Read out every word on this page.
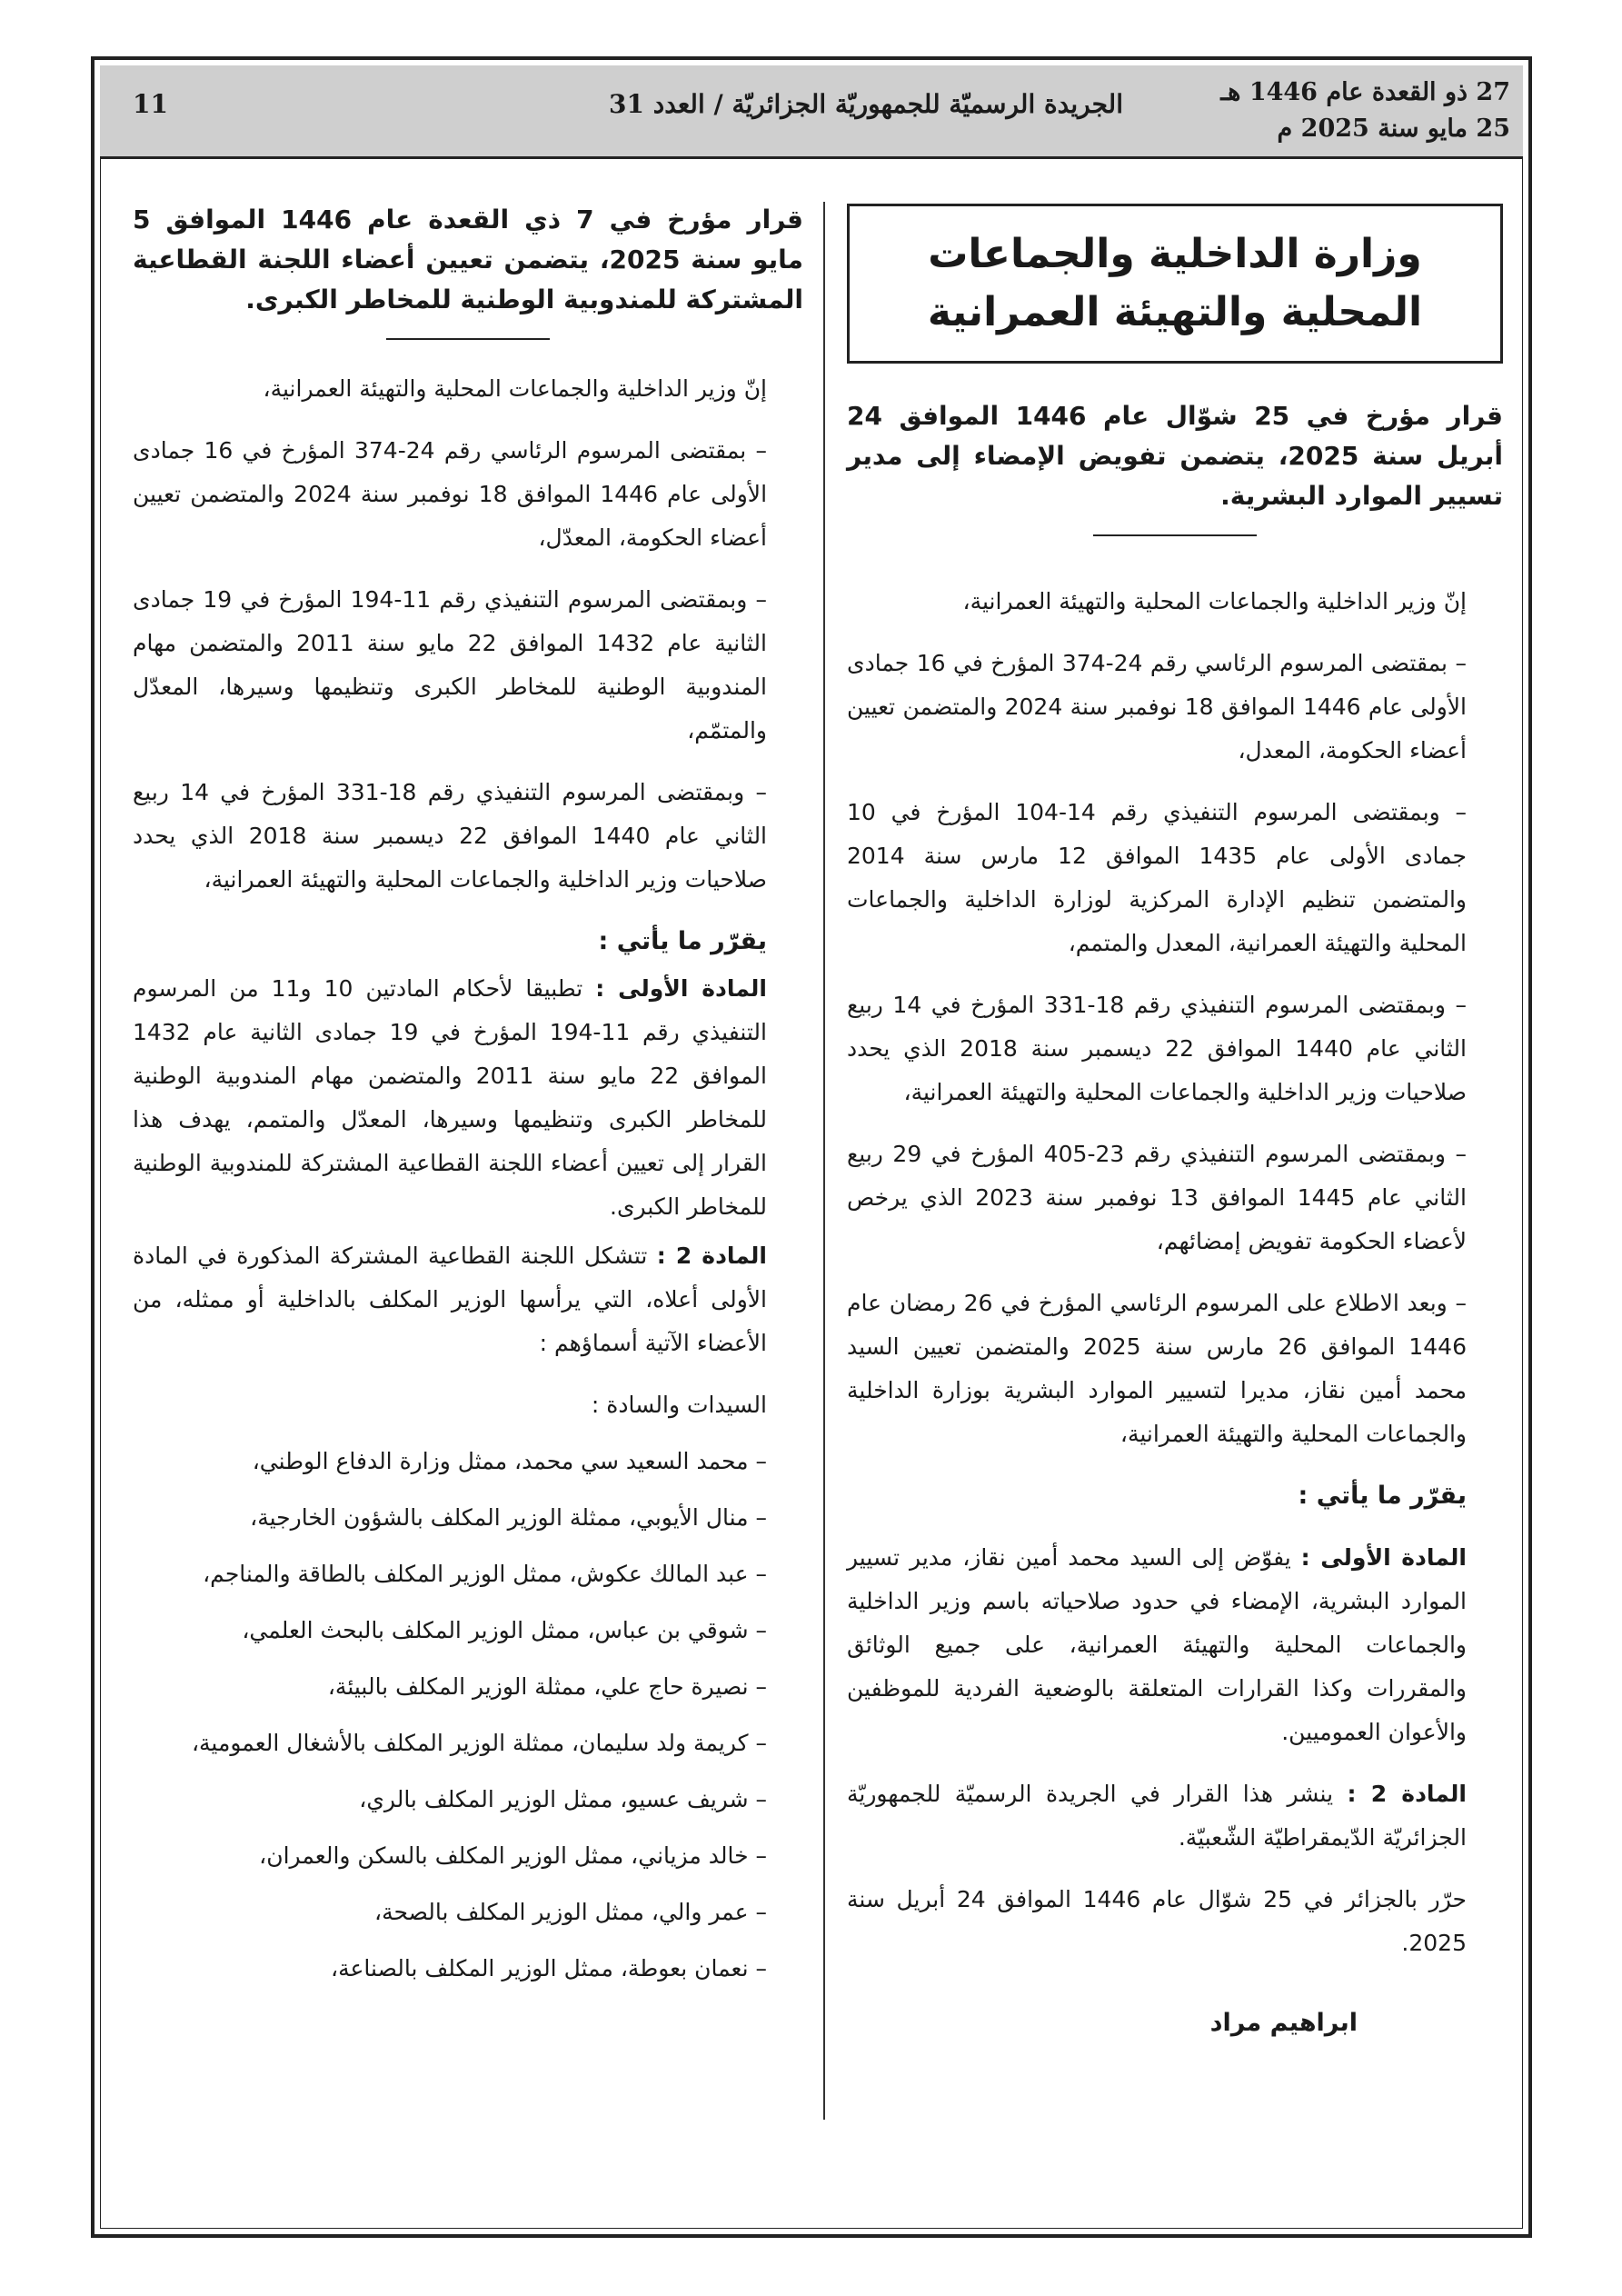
27 ذو القعدة عام 1446 هـ
25 مايو سنة 2025 م
الجريدة الرسميّة للجمهوريّة الجزائريّة / العدد 31
11
وزارة الداخلية والجماعات المحلية والتهيئة العمرانية

قرار مؤرخ في 25 شوّال عام 1446 الموافق 24 أبريل سنة 2025، يتضمن تفويض الإمضاء إلى مدير تسيير الموارد البشرية.

إنّ وزير الداخلية والجماعات المحلية والتهيئة العمرانية،

– بمقتضى المرسوم الرئاسي رقم 24-374 المؤرخ في 16 جمادى الأولى عام 1446 الموافق 18 نوفمبر سنة 2024 والمتضمن تعيين أعضاء الحكومة، المعدل،

– وبمقتضى المرسوم التنفيذي رقم 14-104 المؤرخ في 10 جمادى الأولى عام 1435 الموافق 12 مارس سنة 2014 والمتضمن تنظيم الإدارة المركزية لوزارة الداخلية والجماعات المحلية والتهيئة العمرانية، المعدل والمتمم،

– وبمقتضى المرسوم التنفيذي رقم 18-331 المؤرخ في 14 ربيع الثاني عام 1440 الموافق 22 ديسمبر سنة 2018 الذي يحدد صلاحيات وزير الداخلية والجماعات المحلية والتهيئة العمرانية،

– وبمقتضى المرسوم التنفيذي رقم 23-405 المؤرخ في 29 ربيع الثاني عام 1445 الموافق 13 نوفمبر سنة 2023 الذي يرخص لأعضاء الحكومة تفويض إمضائهم،

– وبعد الاطلاع على المرسوم الرئاسي المؤرخ في 26 رمضان عام 1446 الموافق 26 مارس سنة 2025 والمتضمن تعيين السيد محمد أمين نقاز، مديرا لتسيير الموارد البشرية بوزارة الداخلية والجماعات المحلية والتهيئة العمرانية،

يقرّر ما يأتي :

المادة الأولى : يفوّض إلى السيد محمد أمين نقاز، مدير تسيير الموارد البشرية، الإمضاء في حدود صلاحياته باسم وزير الداخلية والجماعات المحلية والتهيئة العمرانية، على جميع الوثائق والمقررات وكذا القرارات المتعلقة بالوضعية الفردية للموظفين والأعوان العموميين.

المادة 2 : ينشر هذا القرار في الجريدة الرسميّة للجمهوريّة الجزائريّة الدّيمقراطيّة الشّعبيّة.

حرّر بالجزائر في 25 شوّال عام 1446 الموافق 24 أبريل سنة 2025.

ابراهيم مراد

قرار مؤرخ في 7 ذي القعدة عام 1446 الموافق 5 مايو سنة 2025، يتضمن تعيين أعضاء اللجنة القطاعية المشتركة للمندوبية الوطنية للمخاطر الكبرى.

إنّ وزير الداخلية والجماعات المحلية والتهيئة العمرانية،

– بمقتضى المرسوم الرئاسي رقم 24-374 المؤرخ في 16 جمادى الأولى عام 1446 الموافق 18 نوفمبر سنة 2024 والمتضمن تعيين أعضاء الحكومة، المعدّل،

– وبمقتضى المرسوم التنفيذي رقم 11-194 المؤرخ في 19 جمادى الثانية عام 1432 الموافق 22 مايو سنة 2011 والمتضمن مهام المندوبية الوطنية للمخاطر الكبرى وتنظيمها وسيرها، المعدّل والمتمّم،

– وبمقتضى المرسوم التنفيذي رقم 18-331 المؤرخ في 14 ربيع الثاني عام 1440 الموافق 22 ديسمبر سنة 2018 الذي يحدد صلاحيات وزير الداخلية والجماعات المحلية والتهيئة العمرانية،

يقرّر ما يأتي :

المادة الأولى : تطبيقا لأحكام المادتين 10 و11 من المرسوم التنفيذي رقم 11-194 المؤرخ في 19 جمادى الثانية عام 1432 الموافق 22 مايو سنة 2011 والمتضمن مهام المندوبية الوطنية للمخاطر الكبرى وتنظيمها وسيرها، المعدّل والمتمم، يهدف هذا القرار إلى تعيين أعضاء اللجنة القطاعية المشتركة للمندوبية الوطنية للمخاطر الكبرى.

المادة 2 : تتشكل اللجنة القطاعية المشتركة المذكورة في المادة الأولى أعلاه، التي يرأسها الوزير المكلف بالداخلية أو ممثله، من الأعضاء الآتية أسماؤهم :

السيدات والسادة :

– محمد السعيد سي محمد، ممثل وزارة الدفاع الوطني،

– منال الأيوبي، ممثلة الوزير المكلف بالشؤون الخارجية،

– عبد المالك عكوش، ممثل الوزير المكلف بالطاقة والمناجم،

– شوقي بن عباس، ممثل الوزير المكلف بالبحث العلمي،

– نصيرة حاج علي، ممثلة الوزير المكلف بالبيئة،

– كريمة ولد سليمان، ممثلة الوزير المكلف بالأشغال العمومية،

– شريف عسيو، ممثل الوزير المكلف بالري،

– خالد مزياني، ممثل الوزير المكلف بالسكن والعمران،

– عمر والي، ممثل الوزير المكلف بالصحة،

– نعمان بعوطة، ممثل الوزير المكلف بالصناعة،
